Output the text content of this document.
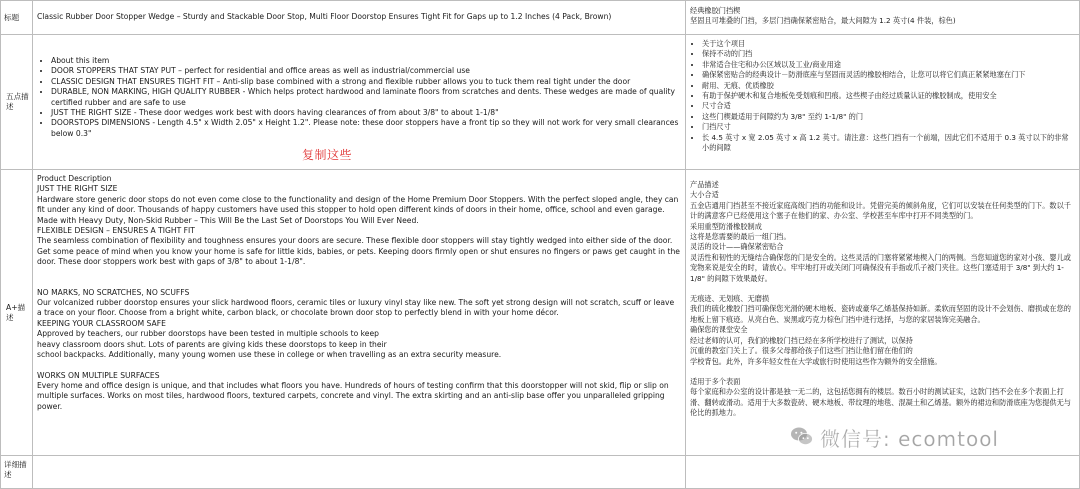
标题	Classic Rubber Door Stopper Wedge – Sturdy and Stackable Door Stop, Multi Floor Doorstop Ensures Tight Fit for Gaps up to 1.2 Inches (4 Pack, Brown)

经典橡胶门挡楔

坚固且可堆叠的门挡，多层门挡确保紧密贴合，最大间隙为 1.2 英寸(4 件装，棕色)

五点描述
• About this item
• DOOR STOPPERS THAT STAY PUT – perfect for residential and office areas as well as industrial/commercial use
• CLASSIC DESIGN THAT ENSURES TIGHT FIT – Anti-slip base combined with a strong and flexible rubber allows you to tuck them real tight under the door
• DURABLE, NON MARKING, HIGH QUALITY RUBBER - Which helps protect hardwood and laminate floors from scratches and dents. These wedges are made of quality certified rubber and are safe to use
• JUST THE RIGHT SIZE - These door wedges work best with doors having clearances of from about 3/8" to about 1-1/8"
• DOORSTOPS DIMENSIONS - Length 4.5" x Width 2.05" x Height 1.2". Please note: these door stoppers have a front tip so they will not work for very small clearances below 0.3"
• 关于这个项目
• 保持不动的门挡
• 非常适合住宅和办公区域以及工业/商业用途
• 确保紧密贴合的经典设计－防滑底座与坚固而灵活的橡胶相结合，让您可以将它们真正紧紧地塞在门下
• 耐用、无痕、优质橡胶
• 有助于保护硬木和复合地板免受划痕和凹痕。这些楔子由经过质量认证的橡胶制成，使用安全
• 尺寸合适
• 这些门楔最适用于间隙约为 3/8" 至约 1-1/8" 的门
• 门挡尺寸
• 长 4.5 英寸 x 宽 2.05 英寸 x 高 1.2 英寸。请注意：这些门挡有一个前端，因此它们不适用于 0.3 英寸以下的非常小的间隙
A+描述

Product Description

JUST THE RIGHT SIZE

Hardware store generic door stops do not even come close to the functionality and design of the Home Premium Door Stoppers. With the perfect sloped angle, they can fit under any kind of door. Thousands of happy customers have used this stopper to hold open different kinds of doors in their home, office, school and even garage.

Made with Heavy Duty, Non-Skid Rubber – This Will Be the Last Set of Doorstops You Will Ever Need.

FLEXIBLE DESIGN – ENSURES A TIGHT FIT

The seamless combination of flexibility and toughness ensures your doors are secure. These flexible door stoppers will stay tightly wedged into either side of the door. Get some peace of mind when you know your home is safe for little kids, babies, or pets. Keeping doors firmly open or shut ensures no fingers or paws get caught in the door. These door stoppers work best with gaps of 3/8" to about 1-1/8".

NO MARKS, NO SCRATCHES, NO SCUFFS

Our volcanized rubber doorstop ensures your slick hardwood floors, ceramic tiles or luxury vinyl stay like new. The soft yet strong design will not scratch, scuff or leave a trace on your floor. Choose from a bright white, carbon black, or chocolate brown door stop to perfectly blend in with your home décor.

KEEPING YOUR CLASSROOM SAFE

Approved by teachers, our rubber doorstops have been tested in multiple schools to keep

heavy classroom doors shut. Lots of parents are giving kids these doorstops to keep in their

school backpacks. Additionally, many young women use these in college or when travelling as an extra security measure.

WORKS ON MULTIPLE SURFACES

Every home and office design is unique, and that includes what floors you have. Hundreds of hours of testing confirm that this doorstopper will not skid, flip or slip on multiple surfaces. Works on most tiles, hardwood floors, textured carpets, concrete and vinyl. The extra skirting and an anti-slip base offer you unparalleled gripping power.

产品描述

大小合适

五金店通用门挡甚至不接近家庭高级门挡的功能和设计。凭借完美的倾斜角度，它们可以安装在任何类型的门下。数以千计的满意客户已经使用这个塞子在他们的家、办公室、学校甚至车库中打开不同类型的门。

采用重型防滑橡胶制成

这将是您需要的最后一组门挡。

灵活的设计——确保紧密贴合

灵活性和韧性的无缝结合确保您的门是安全的。这些灵活的门塞将紧紧地楔入门的两侧。当您知道您的家对小孩、婴儿或宠物来说是安全的时，请放心。牢牢地打开或关闭门可确保没有手指或爪子被门夹住。这些门塞适用于 3/8" 到大约 1-1/8" 的间隙下效果最好。

无痕迹、无划痕、无磨损

我们的硫化橡胶门挡可确保您光滑的硬木地板、瓷砖或豪华乙烯基保持如新。柔软而坚固的设计不会划伤、磨损或在您的地板上留下痕迹。从亮白色、炭黑或巧克力棕色门挡中进行选择，与您的家居装饰完美融合。

确保您的课堂安全

经过老师的认可，我们的橡胶门挡已经在多所学校进行了测试，以保持

沉重的教室门关上了。很多父母都给孩子们这些门挡让他们留在他们的

学校背包。此外，许多年轻女性在大学或旅行时使用这些作为额外的安全措施。

适用于多个表面

每个家庭和办公室的设计都是独一无二的，这包括您拥有的楼层。数百小时的测试证实，这款门挡不会在多个表面上打滑、翻转或滑动。适用于大多数瓷砖、硬木地板、带纹理的地毯、混凝土和乙烯基。额外的裙边和防滑底座为您提供无与伦比的抓地力。

详细描述
复制这些
微信号: ecomtool
